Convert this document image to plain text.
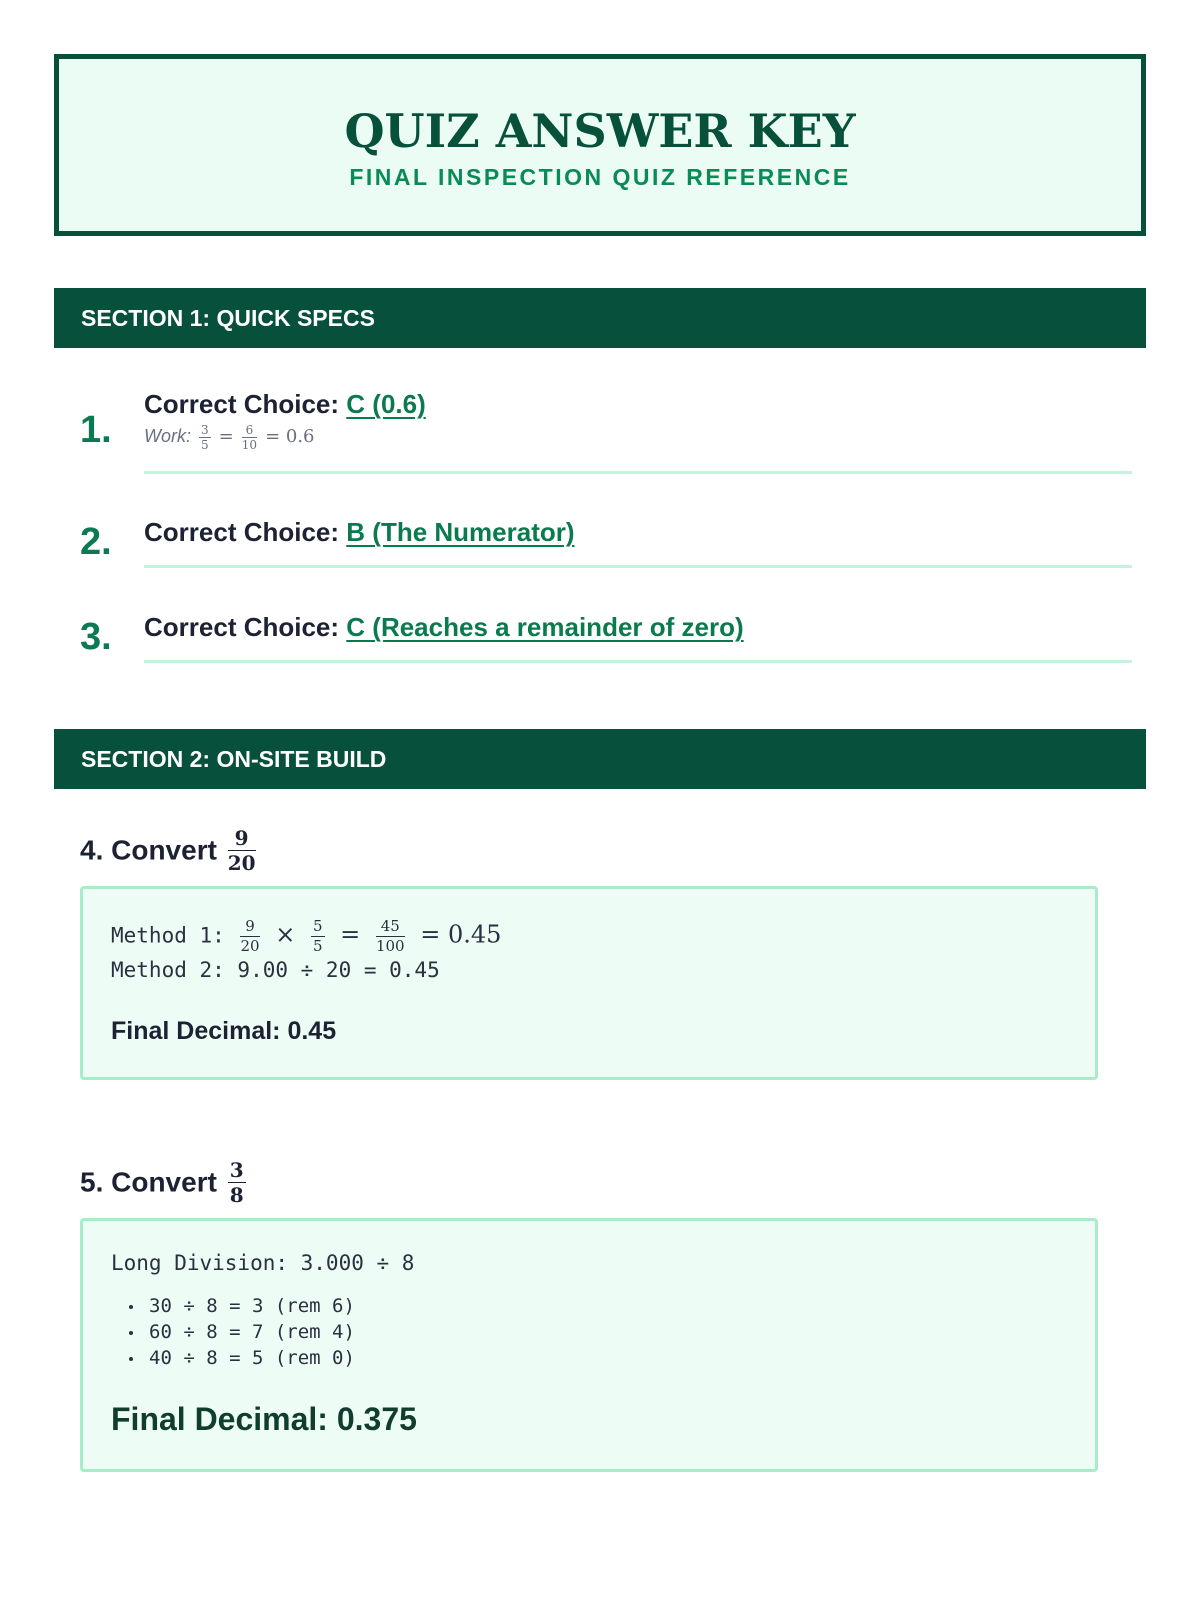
QUIZ ANSWER KEY
FINAL INSPECTION QUIZ REFERENCE
SECTION 1: QUICK SPECS
1.
Correct Choice: C (0.6)
Work: $\frac{3}{5} = \frac{6}{10} = 0.6$
2. Correct Choice: B (The Numerator)
3. Correct Choice: C (Reaches a remainder of zero)
SECTION 2: ON-SITE BUILD
4. Convert $\frac{9}{20}$
Method 1: $\frac{9}{20} \times \frac{5}{5} = \frac{45}{100} = 0.45$
Method 2: 9.00 ÷ 20 = 0.45
Final Decimal: 0.45
5. Convert $\frac{3}{8}$
Long Division: 3.000 ÷ 8
30 ÷ 8 = 3 (rem 6)
60 ÷ 8 = 7 (rem 4)
40 ÷ 8 = 5 (rem 0)
Final Decimal: 0.375
